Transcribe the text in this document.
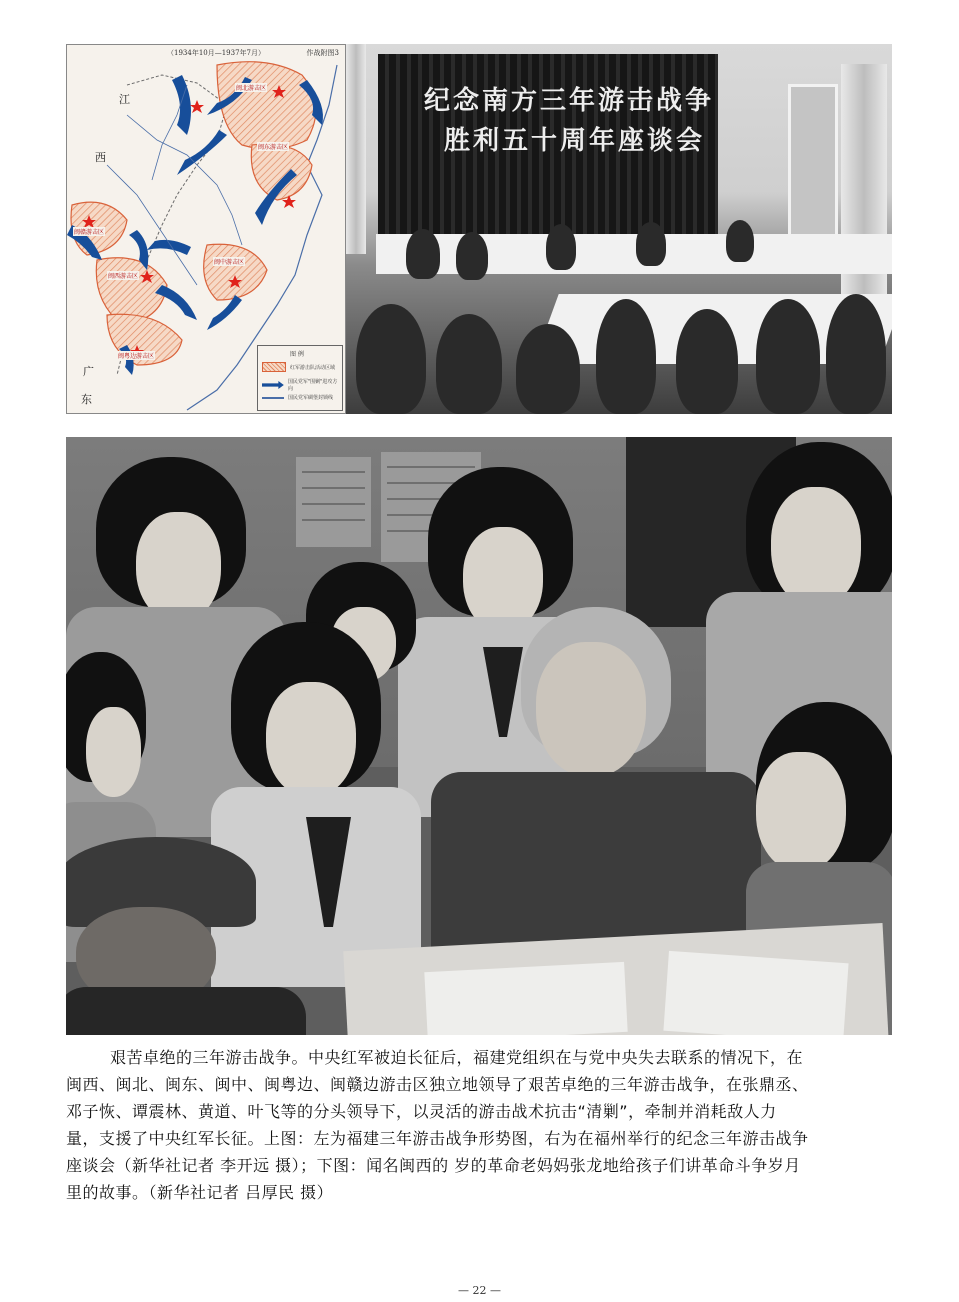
（1934年10月—1937年7月）	作战附图3
江
西
广
东
闽北游击区
闽东游击区
闽赣游击区
闽中游击区
闽西游击区
闽粤边游击区	图 例
红军游击队活动区域
国民党军"围剿"进攻方向
国民党军碉堡封锁线
纪念南方三年游击战争
胜利五十周年座谈会

艰苦卓绝的三年游击战争。中央红军被迫长征后，福建党组织在与党中央失去联系的情况下，在

闽西、闽北、闽东、闽中、闽粤边、闽赣边游击区独立地领导了艰苦卓绝的三年游击战争，在张鼎丞、

邓子恢、谭震林、黄道、叶飞等的分头领导下，以灵活的游击战术抗击“清剿”，牵制并消耗敌人力

量，支援了中央红军长征。上图：左为福建三年游击战争形势图，右为在福州举行的纪念三年游击战争

座谈会（新华社记者 李开远 摄）；下图：闻名闽西的 岁的革命老妈妈张龙地给孩子们讲革命斗争岁月

里的故事。（新华社记者 吕厚民 摄）

— 22 —
